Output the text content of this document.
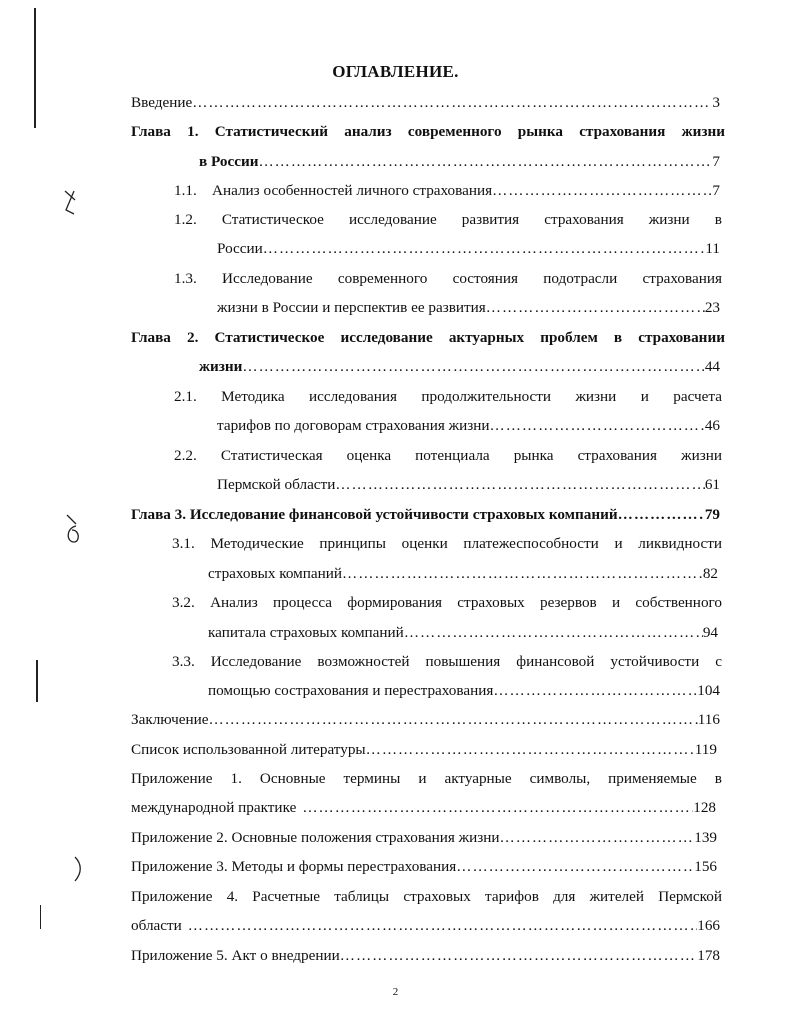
ОГЛАВЛЕНИЕ.
Введение ……………………………………………………………………………………………………………………………………	3
Глава 1. Статистический анализ современного рынка страхования жизни
в России ……………………………………………………………………………………………………………………………………	7
1.1. Анализ особенностей личного страхования ……………………………………………………………………………………………………………………………………	7
1.2. Статистическое исследование развития страхования жизни в
России ……………………………………………………………………………………………………………………………………	11
1.3. Исследование современного состояния подотрасли страхования
жизни в России и перспектив ее развития ……………………………………………………………………………………………………………………………………	23
Глава 2. Статистическое исследование актуарных проблем в страховании
жизни ……………………………………………………………………………………………………………………………………	44
2.1. Методика исследования продолжительности жизни и расчета
тарифов по договорам страхования жизни ……………………………………………………………………………………………………………………………………	46
2.2. Статистическая оценка потенциала рынка страхования жизни
Пермской области ……………………………………………………………………………………………………………………………………	61
Глава 3. Исследование финансовой устойчивости страховых компаний ……………………………………………………………………………………………………………………………………	79
3.1. Методические принципы оценки платежеспособности и ликвидности
страховых компаний ……………………………………………………………………………………………………………………………………	82
3.2. Анализ процесса формирования страховых резервов и собственного
капитала страховых компаний ……………………………………………………………………………………………………………………………………	94
3.3. Исследование возможностей повышения финансовой устойчивости с
помощью сострахования и перестрахования ……………………………………………………………………………………………………………………………………	104
Заключение ……………………………………………………………………………………………………………………………………	116
Список использованной литературы ……………………………………………………………………………………………………………………………………	119
Приложение 1. Основные термины и актуарные символы, применяемые в
международной практике ……………………………………………………………………………………………………………………………………	128
Приложение 2. Основные положения страхования жизни ……………………………………………………………………………………………………………………………………	139
Приложение 3. Методы и формы перестрахования ……………………………………………………………………………………………………………………………………	156
Приложение 4. Расчетные таблицы страховых тарифов для жителей Пермской
области ……………………………………………………………………………………………………………………………………	166
Приложение 5. Акт о внедрении ……………………………………………………………………………………………………………………………………	178
2
